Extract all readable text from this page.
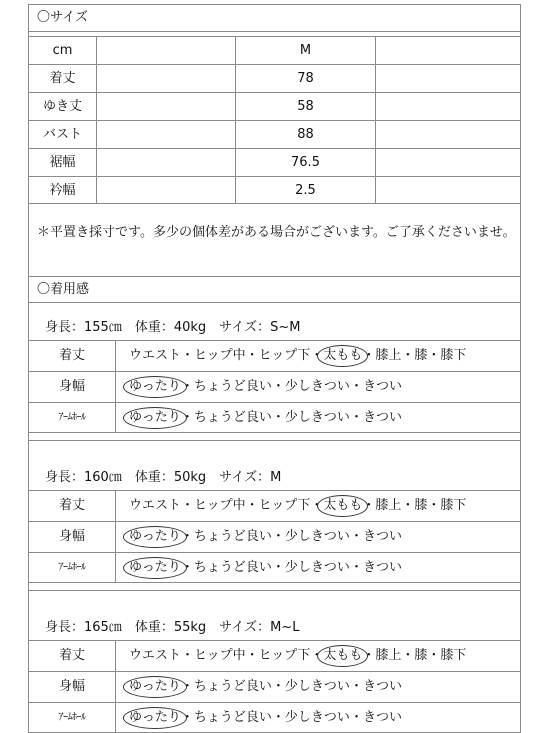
〇サイズ
cm	M
着丈	78
ゆき丈	58
バスト	88
裾幅	76.5
衿幅	2.5
＊平置き採寸です。多少の個体差がある場合がございます。ご了承くださいませ。
〇着用感
身長：155㎝　体重：40kg　サイズ：S~M
着丈	ウエスト・ヒップ中・ヒップ下・太もも・膝上・膝・膝下
身幅	ゆったり・ちょうど良い・少しきつい・きつい
ｱｰﾑﾎｰﾙ	ゆったり・ちょうど良い・少しきつい・きつい
身長：160㎝　体重：50kg　サイズ：M
着丈	ウエスト・ヒップ中・ヒップ下・太もも・膝上・膝・膝下
身幅	ゆったり・ちょうど良い・少しきつい・きつい
ｱｰﾑﾎｰﾙ	ゆったり・ちょうど良い・少しきつい・きつい
身長：165㎝　体重：55kg　サイズ：M~L
着丈	ウエスト・ヒップ中・ヒップ下・太もも・膝上・膝・膝下
身幅	ゆったり・ちょうど良い・少しきつい・きつい
ｱｰﾑﾎｰﾙ	ゆったり・ちょうど良い・少しきつい・きつい
